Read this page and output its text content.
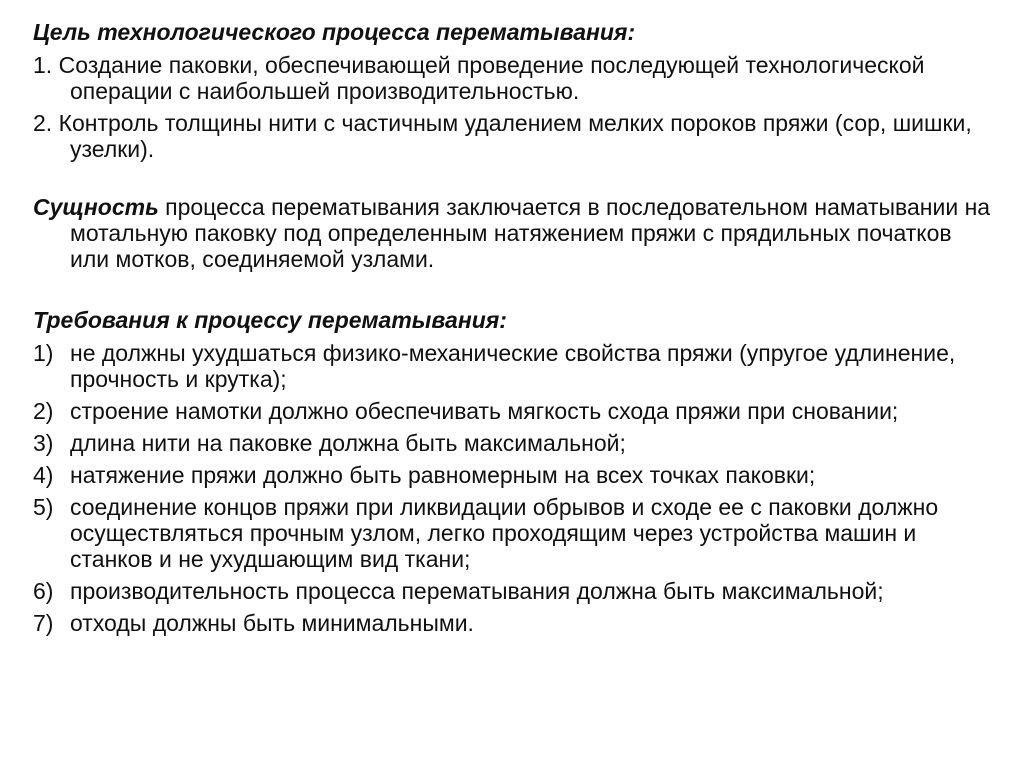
Цель технологического процесса перематывания:
1. Создание паковки, обеспечивающей проведение последующей технологической операции с наибольшей производительностью.
2. Контроль толщины нити с частичным удалением мелких пороков пряжи (сор, шишки, узелки).

Сущность процесса перематывания заключается в последовательном наматывании на мотальную паковку под определенным натяжением пряжи с прядильных початков или мотков, соединяемой узлами.

Требования к процессу перематывания:
1) не должны ухудшаться физико-механические свойства пряжи (упругое удлинение, прочность и крутка);
2) строение намотки должно обеспечивать мягкость схода пряжи при сновании;
3) длина нити на паковке должна быть максимальной;
4) натяжение пряжи должно быть равномерным на всех точках паковки;
5) соединение концов пряжи при ликвидации обрывов и сходе ее с паковки должно осуществляться прочным узлом, легко проходящим через устройства машин и станков и не ухудшающим вид ткани;
6) производительность процесса перематывания должна быть максимальной;
7) отходы должны быть минимальными.
